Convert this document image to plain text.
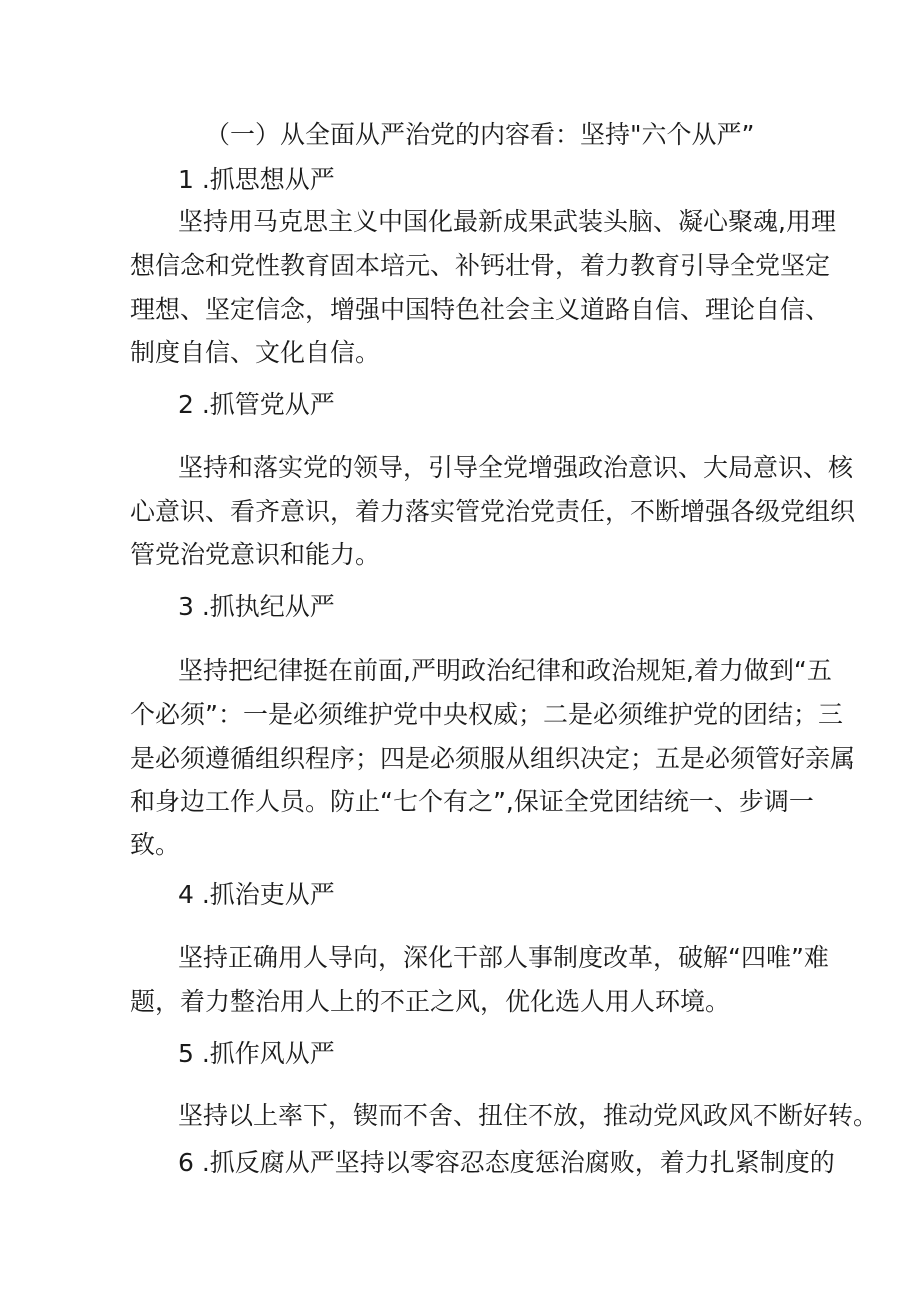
（一）从全面从严治党的内容看：坚持"六个从严”
1 .抓思想从严
坚持用马克思主义中国化最新成果武装头脑、凝心聚魂,用理
想信念和党性教育固本培元、补钙壮骨，着力教育引导全党坚定
理想、坚定信念，增强中国特色社会主义道路自信、理论自信、
制度自信、文化自信。
2 .抓管党从严
坚持和落实党的领导，引导全党增强政治意识、大局意识、核
心意识、看齐意识，着力落实管党治党责任，不断增强各级党组织
管党治党意识和能力。
3 .抓执纪从严
坚持把纪律挺在前面,严明政治纪律和政治规矩,着力做到“五
个必须”：一是必须维护党中央权威；二是必须维护党的团结；三
是必须遵循组织程序；四是必须服从组织决定；五是必须管好亲属
和身边工作人员。防止“七个有之”,保证全党团结统一、步调一
致。
4 .抓治吏从严
坚持正确用人导向，深化干部人事制度改革，破解“四唯”难
题，着力整治用人上的不正之风，优化选人用人环境。
5 .抓作风从严
坚持以上率下，锲而不舍、扭住不放，推动党风政风不断好转。
6 .抓反腐从严坚持以零容忍态度惩治腐败，着力扎紧制度的
